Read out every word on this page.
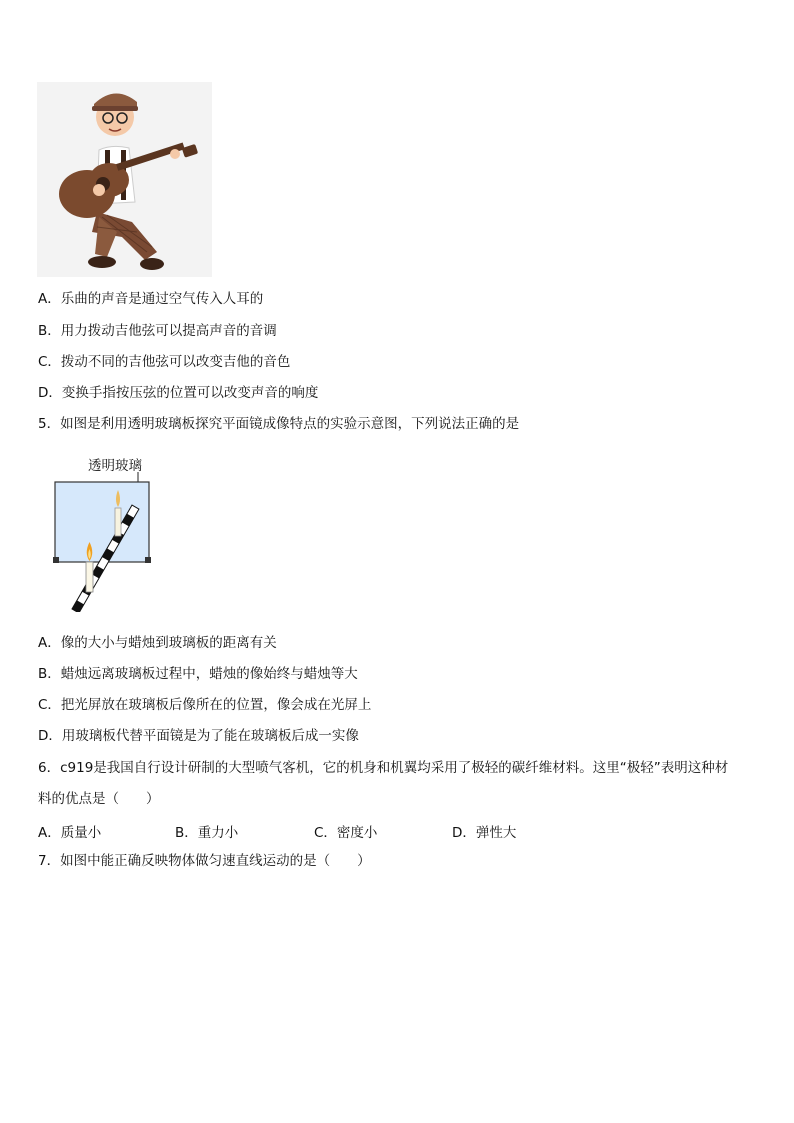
A．乐曲的声音是通过空气传入人耳的
B．用力拨动吉他弦可以提高声音的音调
C．拨动不同的吉他弦可以改变吉他的音色
D．变换手指按压弦的位置可以改变声音的响度
5．如图是利用透明玻璃板探究平面镜成像特点的实验示意图，下列说法正确的是
透明玻璃
A．像的大小与蜡烛到玻璃板的距离有关
B．蜡烛远离玻璃板过程中，蜡烛的像始终与蜡烛等大
C．把光屏放在玻璃板后像所在的位置，像会成在光屏上
D．用玻璃板代替平面镜是为了能在玻璃板后成一实像
6．c919是我国自行设计研制的大型喷气客机，它的机身和机翼均采用了极轻的碳纤维材料。这里“极轻”表明这种材
料的优点是（　　）
A．质量小	B．重力小	C．密度小	D．弹性大
7．如图中能正确反映物体做匀速直线运动的是（　　）
